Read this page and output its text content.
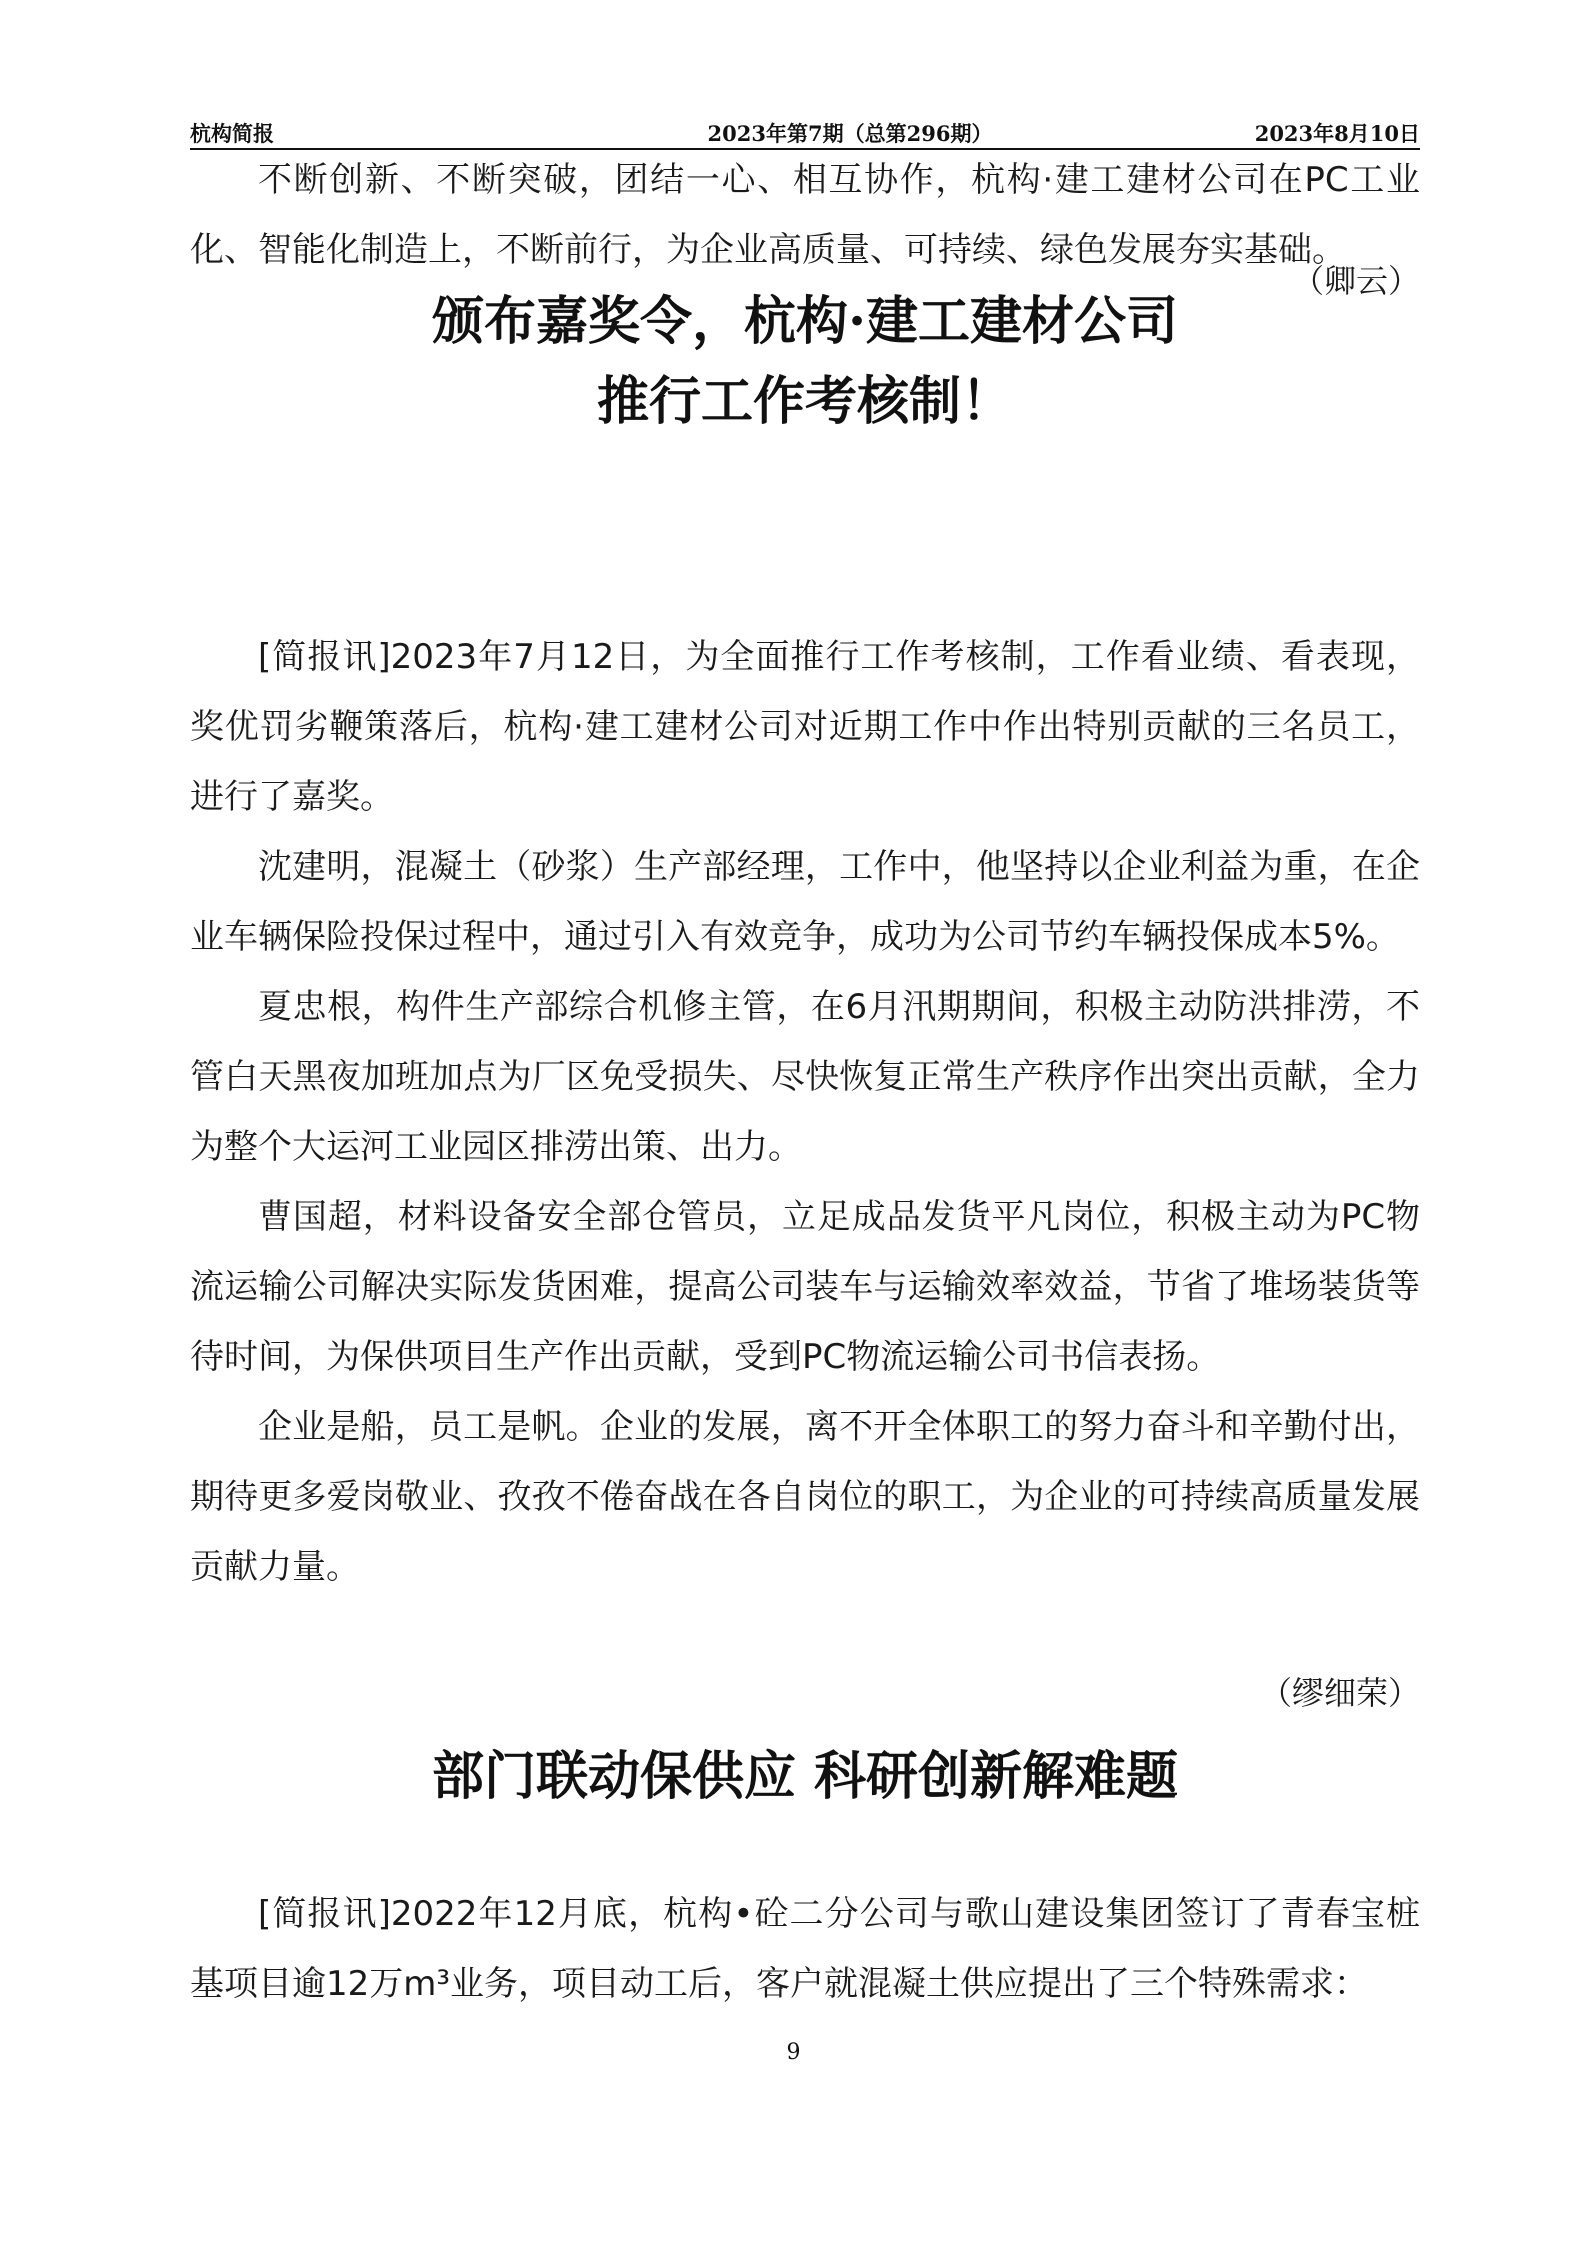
杭构简报	2023年第7期（总第296期）	2023年8月10日

不断创新、不断突破，团结一心、相互协作，杭构·建工建材公司在PC工业化、智能化制造上，不断前行，为企业高质量、可持续、绿色发展夯实基础。

（卿云）
颁布嘉奖令，杭构·建工建材公司
推行工作考核制！

[简报讯]2023年7月12日，为全面推行工作考核制，工作看业绩、看表现，奖优罚劣鞭策落后，杭构·建工建材公司对近期工作中作出特别贡献的三名员工，进行了嘉奖。

沈建明，混凝土（砂浆）生产部经理，工作中，他坚持以企业利益为重，在企业车辆保险投保过程中，通过引入有效竞争，成功为公司节约车辆投保成本5%。

夏忠根，构件生产部综合机修主管，在6月汛期期间，积极主动防洪排涝，不管白天黑夜加班加点为厂区免受损失、尽快恢复正常生产秩序作出突出贡献，全力为整个大运河工业园区排涝出策、出力。

曹国超，材料设备安全部仓管员，立足成品发货平凡岗位，积极主动为PC物流运输公司解决实际发货困难，提高公司装车与运输效率效益，节省了堆场装货等待时间，为保供项目生产作出贡献，受到PC物流运输公司书信表扬。

企业是船，员工是帆。企业的发展，离不开全体职工的努力奋斗和辛勤付出，期待更多爱岗敬业、孜孜不倦奋战在各自岗位的职工，为企业的可持续高质量发展贡献力量。

（缪细荣）
部门联动保供应 科研创新解难题

[简报讯]2022年12月底，杭构•砼二分公司与歌山建设集团签订了青春宝桩基项目逾12万m³业务，项目动工后，客户就混凝土供应提出了三个特殊需求：

9
